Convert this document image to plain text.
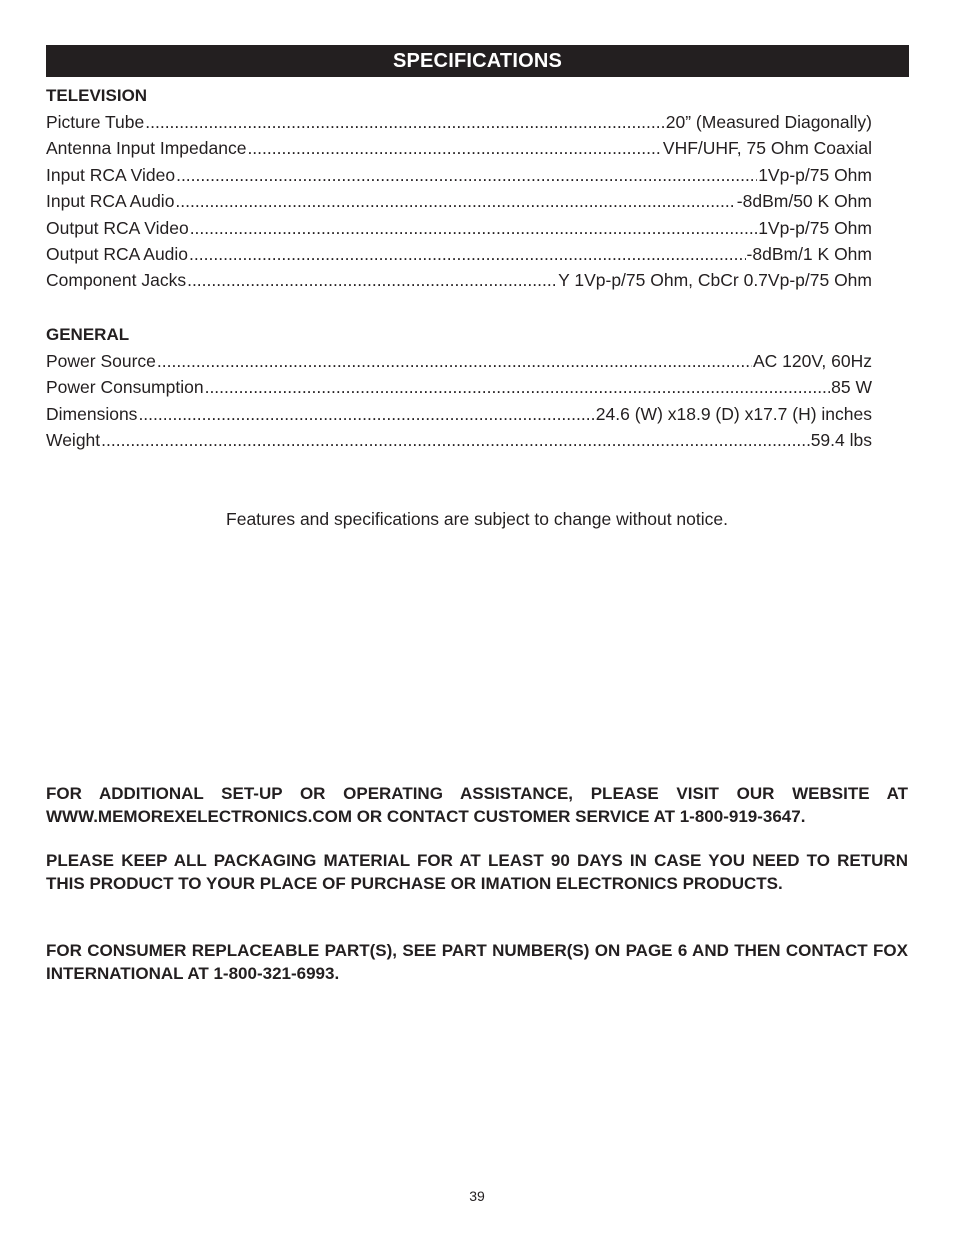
SPECIFICATIONS
TELEVISION
Picture Tube .....	20” (Measured Diagonally)
Antenna Input Impedance .....	VHF/UHF, 75 Ohm Coaxial
Input RCA Video .....	1Vp-p/75 Ohm
Input RCA Audio .....	-8dBm/50 K Ohm
Output RCA Video .....	1Vp-p/75 Ohm
Output RCA Audio .....	-8dBm/1 K Ohm
Component Jacks .....	Y 1Vp-p/75 Ohm, CbCr 0.7Vp-p/75 Ohm
GENERAL
Power Source .....	AC 120V, 60Hz
Power Consumption .....	85 W
Dimensions .....	24.6 (W) x18.9 (D) x17.7 (H) inches
Weight .....	59.4 lbs
Features and specifications are subject to change without notice.
FOR ADDITIONAL SET-UP OR OPERATING ASSISTANCE, PLEASE VISIT OUR WEBSITE AT WWW.MEMOREXELECTRONICS.COM OR CONTACT CUSTOMER SERVICE AT 1-800-919-3647.
PLEASE KEEP ALL PACKAGING MATERIAL FOR AT LEAST 90 DAYS IN CASE YOU NEED TO RETURN THIS PRODUCT TO YOUR PLACE OF PURCHASE OR IMATION ELECTRONICS PRODUCTS.
FOR CONSUMER REPLACEABLE PART(S), SEE PART NUMBER(S) ON PAGE 6 AND THEN CONTACT FOX INTERNATIONAL AT 1-800-321-6993.
39
